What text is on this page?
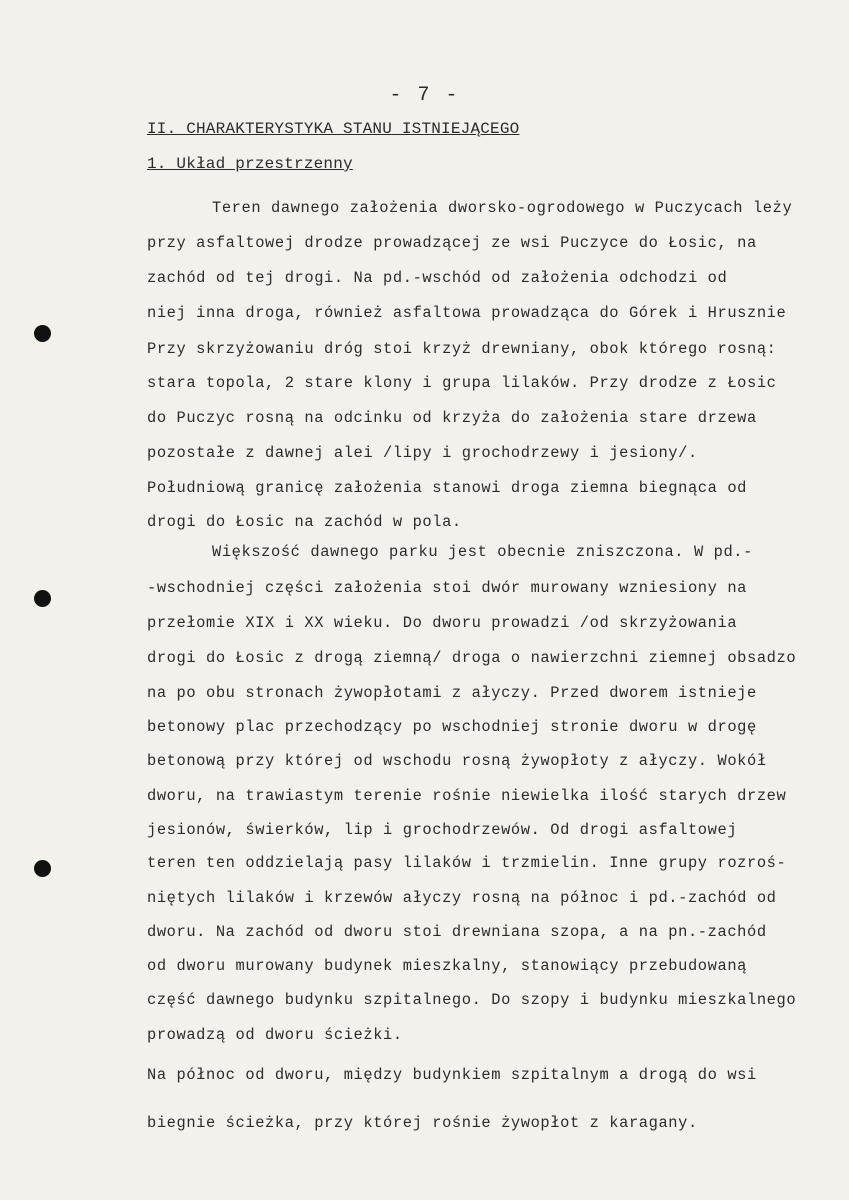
- 7 -
II. CHARAKTERYSTYKA STANU ISTNIEJĄCEGO
1. Układ przestrzenny
Teren dawnego założenia dworsko-ogrodowego w Puczycach leży
przy asfaltowej drodze prowadzącej ze wsi Puczyce do Łosic, na
zachód od tej drogi. Na pd.-wschód od założenia odchodzi od
niej inna droga, również asfaltowa prowadząca do Górek i Hrusznie
Przy skrzyżowaniu dróg stoi krzyż drewniany, obok którego rosną:
stara topola, 2 stare klony i grupa lilaków. Przy drodze z Łosic
do Puczyc rosną na odcinku od krzyża do założenia stare drzewa
pozostałe z dawnej alei /lipy i grochodrzewy i jesiony/.
Południową granicę założenia stanowi droga ziemna biegnąca od
drogi do Łosic na zachód w pola.
Większość dawnego parku jest obecnie zniszczona. W pd.-
-wschodniej części założenia stoi dwór murowany wzniesiony na
przełomie XIX i XX wieku. Do dworu prowadzi /od skrzyżowania
drogi do Łosic z drogą ziemną/ droga o nawierzchni ziemnej obsadzo
na po obu stronach żywopłotami z ałyczy. Przed dworem istnieje
betonowy plac przechodzący po wschodniej stronie dworu w drogę
betonową przy której od wschodu rosną żywopłoty z ałyczy. Wokół
dworu, na trawiastym terenie rośnie niewielka ilość starych drzew
jesionów, świerków, lip i grochodrzewów. Od drogi asfaltowej
teren ten oddzielają pasy lilaków i trzmielin. Inne grupy rozroś-
niętych lilaków i krzewów ałyczy rosną na północ i pd.-zachód od
dworu. Na zachód od dworu stoi drewniana szopa, a na pn.-zachód
od dworu murowany budynek mieszkalny, stanowiący przebudowaną
część dawnego budynku szpitalnego. Do szopy i budynku mieszkalnego
prowadzą od dworu ścieżki.
Na północ od dworu, między budynkiem szpitalnym a drogą do wsi
biegnie ścieżka, przy której rośnie żywopłot z karagany.
